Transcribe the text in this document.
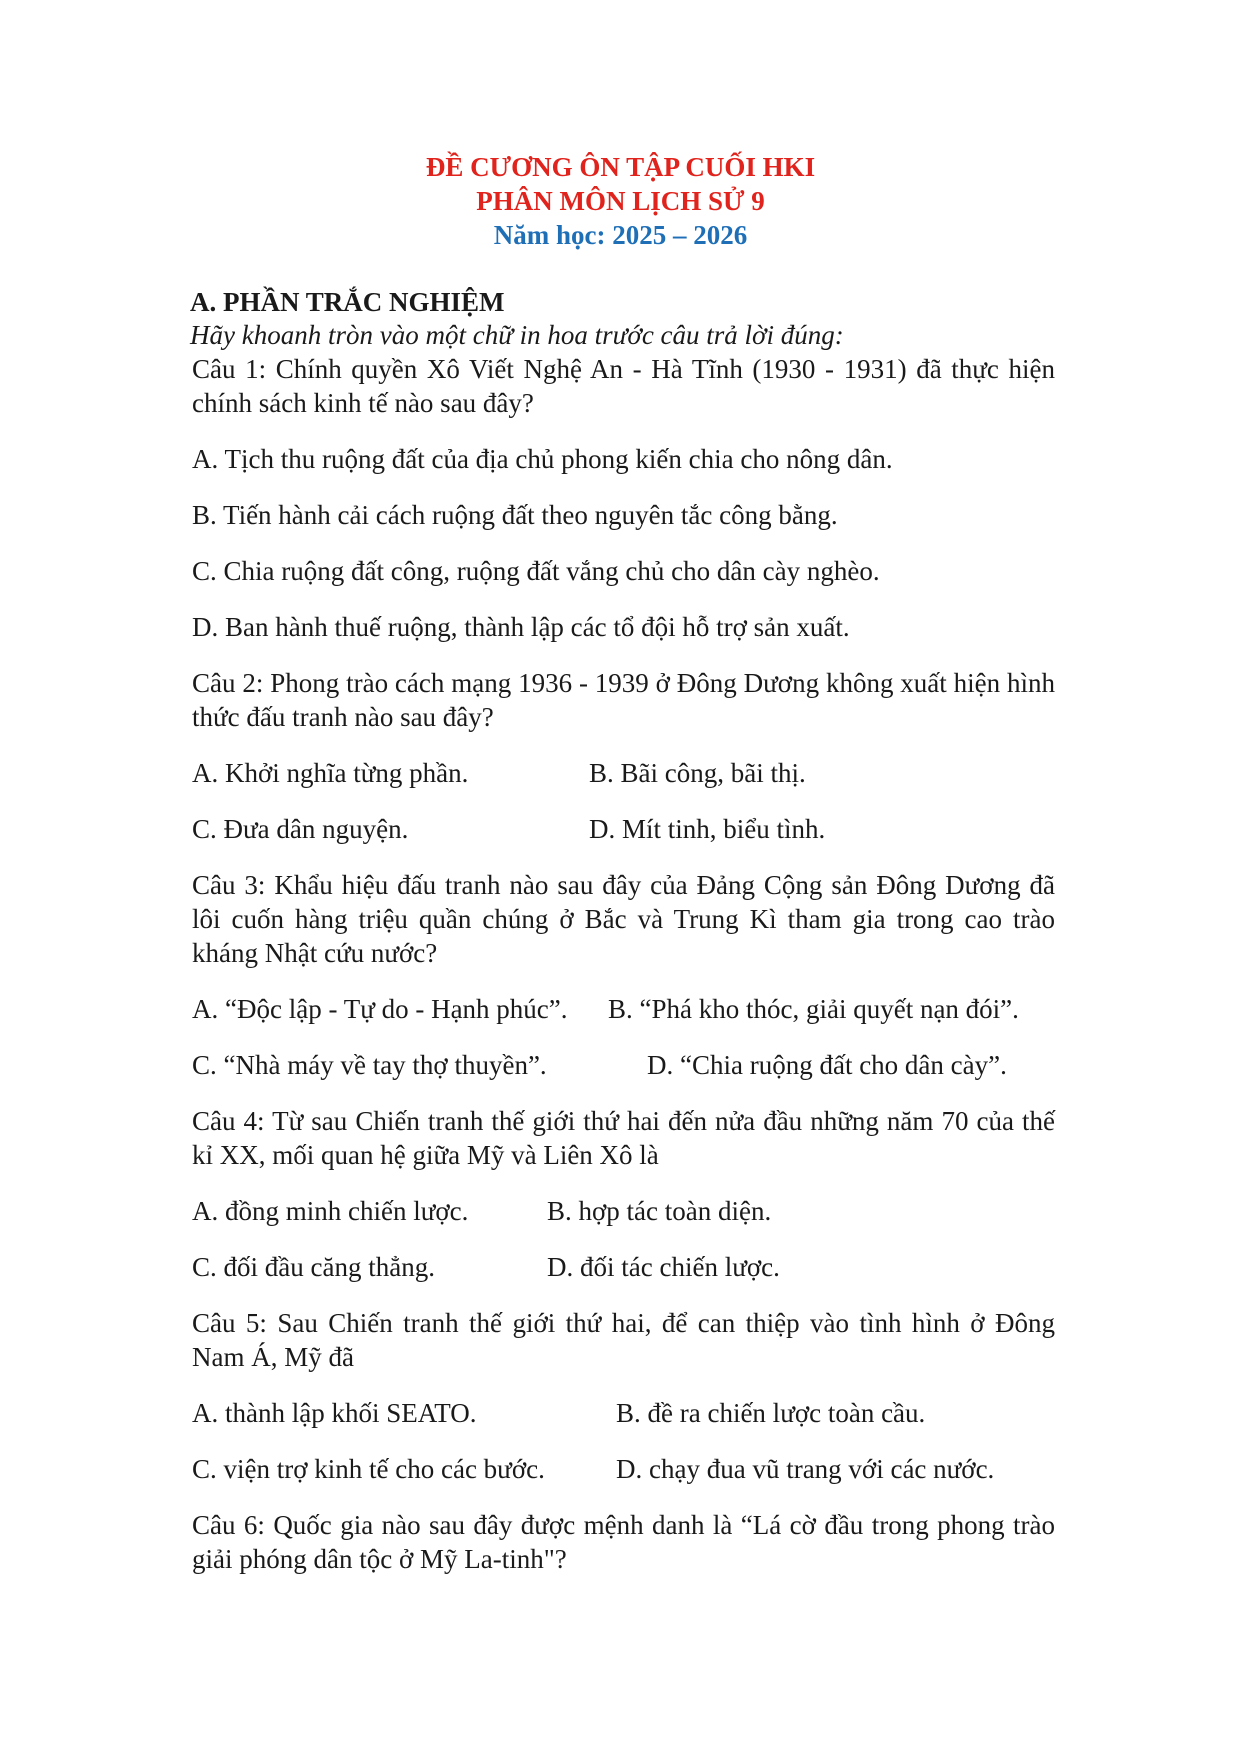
ĐỀ CƯƠNG ÔN TẬP CUỐI HKI
PHÂN MÔN LỊCH SỬ 9
Năm học: 2025 – 2026
A. PHẦN TRẮC NGHIỆM
Hãy khoanh tròn vào một chữ in hoa trước câu trả lời đúng:
Câu 1: Chính quyền Xô Viết Nghệ An - Hà Tĩnh (1930 - 1931) đã thực hiện chính sách kinh tế nào sau đây?
A. Tịch thu ruộng đất của địa chủ phong kiến chia cho nông dân.
B. Tiến hành cải cách ruộng đất theo nguyên tắc công bằng.
C. Chia ruộng đất công, ruộng đất vắng chủ cho dân cày nghèo.
D. Ban hành thuế ruộng, thành lập các tổ đội hỗ trợ sản xuất.
Câu 2: Phong trào cách mạng 1936 - 1939 ở Đông Dương không xuất hiện hình thức đấu tranh nào sau đây?
A. Khởi nghĩa từng phần.	B. Bãi công, bãi thị.
C. Đưa dân nguyện.	D. Mít tinh, biểu tình.
Câu 3: Khẩu hiệu đấu tranh nào sau đây của Đảng Cộng sản Đông Dương đã lôi cuốn hàng triệu quần chúng ở Bắc và Trung Kì tham gia trong cao trào kháng Nhật cứu nước?
A. “Độc lập - Tự do - Hạnh phúc”. B. “Phá kho thóc, giải quyết nạn đói”.
C. “Nhà máy về tay thợ thuyền”.	D. “Chia ruộng đất cho dân cày”.
Câu 4: Từ sau Chiến tranh thế giới thứ hai đến nửa đầu những năm 70 của thế kỉ XX, mối quan hệ giữa Mỹ và Liên Xô là
A. đồng minh chiến lược.	B. hợp tác toàn diện.
C. đối đầu căng thẳng.	D. đối tác chiến lược.
Câu 5: Sau Chiến tranh thế giới thứ hai, để can thiệp vào tình hình ở Đông Nam Á, Mỹ đã
A. thành lập khối SEATO.	B. đề ra chiến lược toàn cầu.
C. viện trợ kinh tế cho các bước.	D. chạy đua vũ trang với các nước.
Câu 6: Quốc gia nào sau đây được mệnh danh là “Lá cờ đầu trong phong trào giải phóng dân tộc ở Mỹ La-tinh"?
